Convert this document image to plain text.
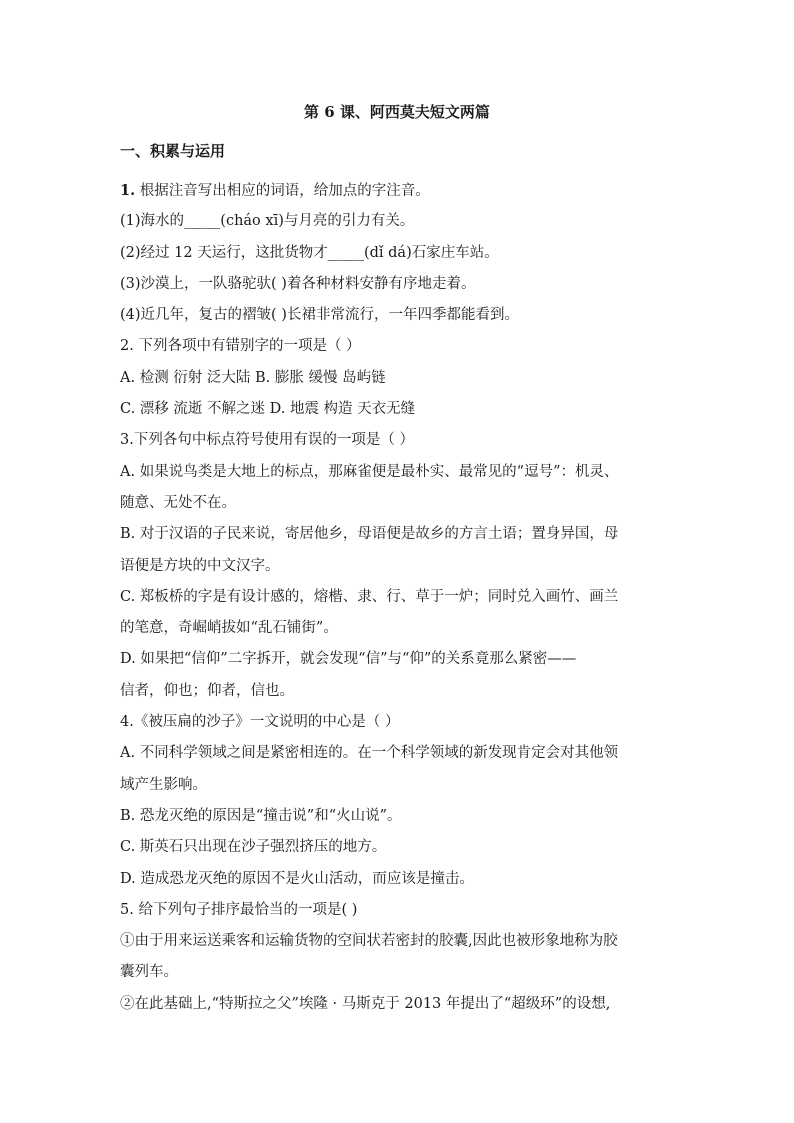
第 6 课、阿西莫夫短文两篇
一、积累与运用
1. 根据注音写出相应的词语，给加点的字注音。
(1)海水的_____(cháo xī)与月亮的引力有关。
(2)经过 12 天运行，这批货物才_____(dǐ dá)石家庄车站。
(3)沙漠上，一队骆驼驮( )着各种材料安静有序地走着。
(4)近几年，复古的褶皱( )长裙非常流行，一年四季都能看到。
2. 下列各项中有错别字的一项是（ ）
A. 检测 衍射 泛大陆 B. 膨胀 缓慢 岛屿链
C. 漂移 流逝 不解之迷 D. 地震 构造 天衣无缝
3.下列各句中标点符号使用有误的一项是（ ）
A. 如果说鸟类是大地上的标点，那麻雀便是最朴实、最常见的“逗号”：机灵、
随意、无处不在。
B. 对于汉语的子民来说，寄居他乡，母语便是故乡的方言土语；置身异国，母
语便是方块的中文汉字。
C. 郑板桥的字是有设计感的，熔楷、隶、行、草于一炉；同时兑入画竹、画兰
的笔意，奇崛峭拔如“乱石铺街”。
D. 如果把“信仰”二字拆开，就会发现“信”与“仰”的关系竟那么紧密——
信者，仰也；仰者，信也。
4.《被压扁的沙子》一文说明的中心是（ ）
A. 不同科学领域之间是紧密相连的。在一个科学领域的新发现肯定会对其他领
域产生影响。
B. 恐龙灭绝的原因是“撞击说”和“火山说”。
C. 斯英石只出现在沙子强烈挤压的地方。
D. 造成恐龙灭绝的原因不是火山活动，而应该是撞击。
5. 给下列句子排序最恰当的一项是( )
①由于用来运送乘客和运输货物的空间状若密封的胶囊,因此也被形象地称为胶
囊列车。
②在此基础上,“特斯拉之父”埃隆 · 马斯克于 2013 年提出了“超级环”的设想,
